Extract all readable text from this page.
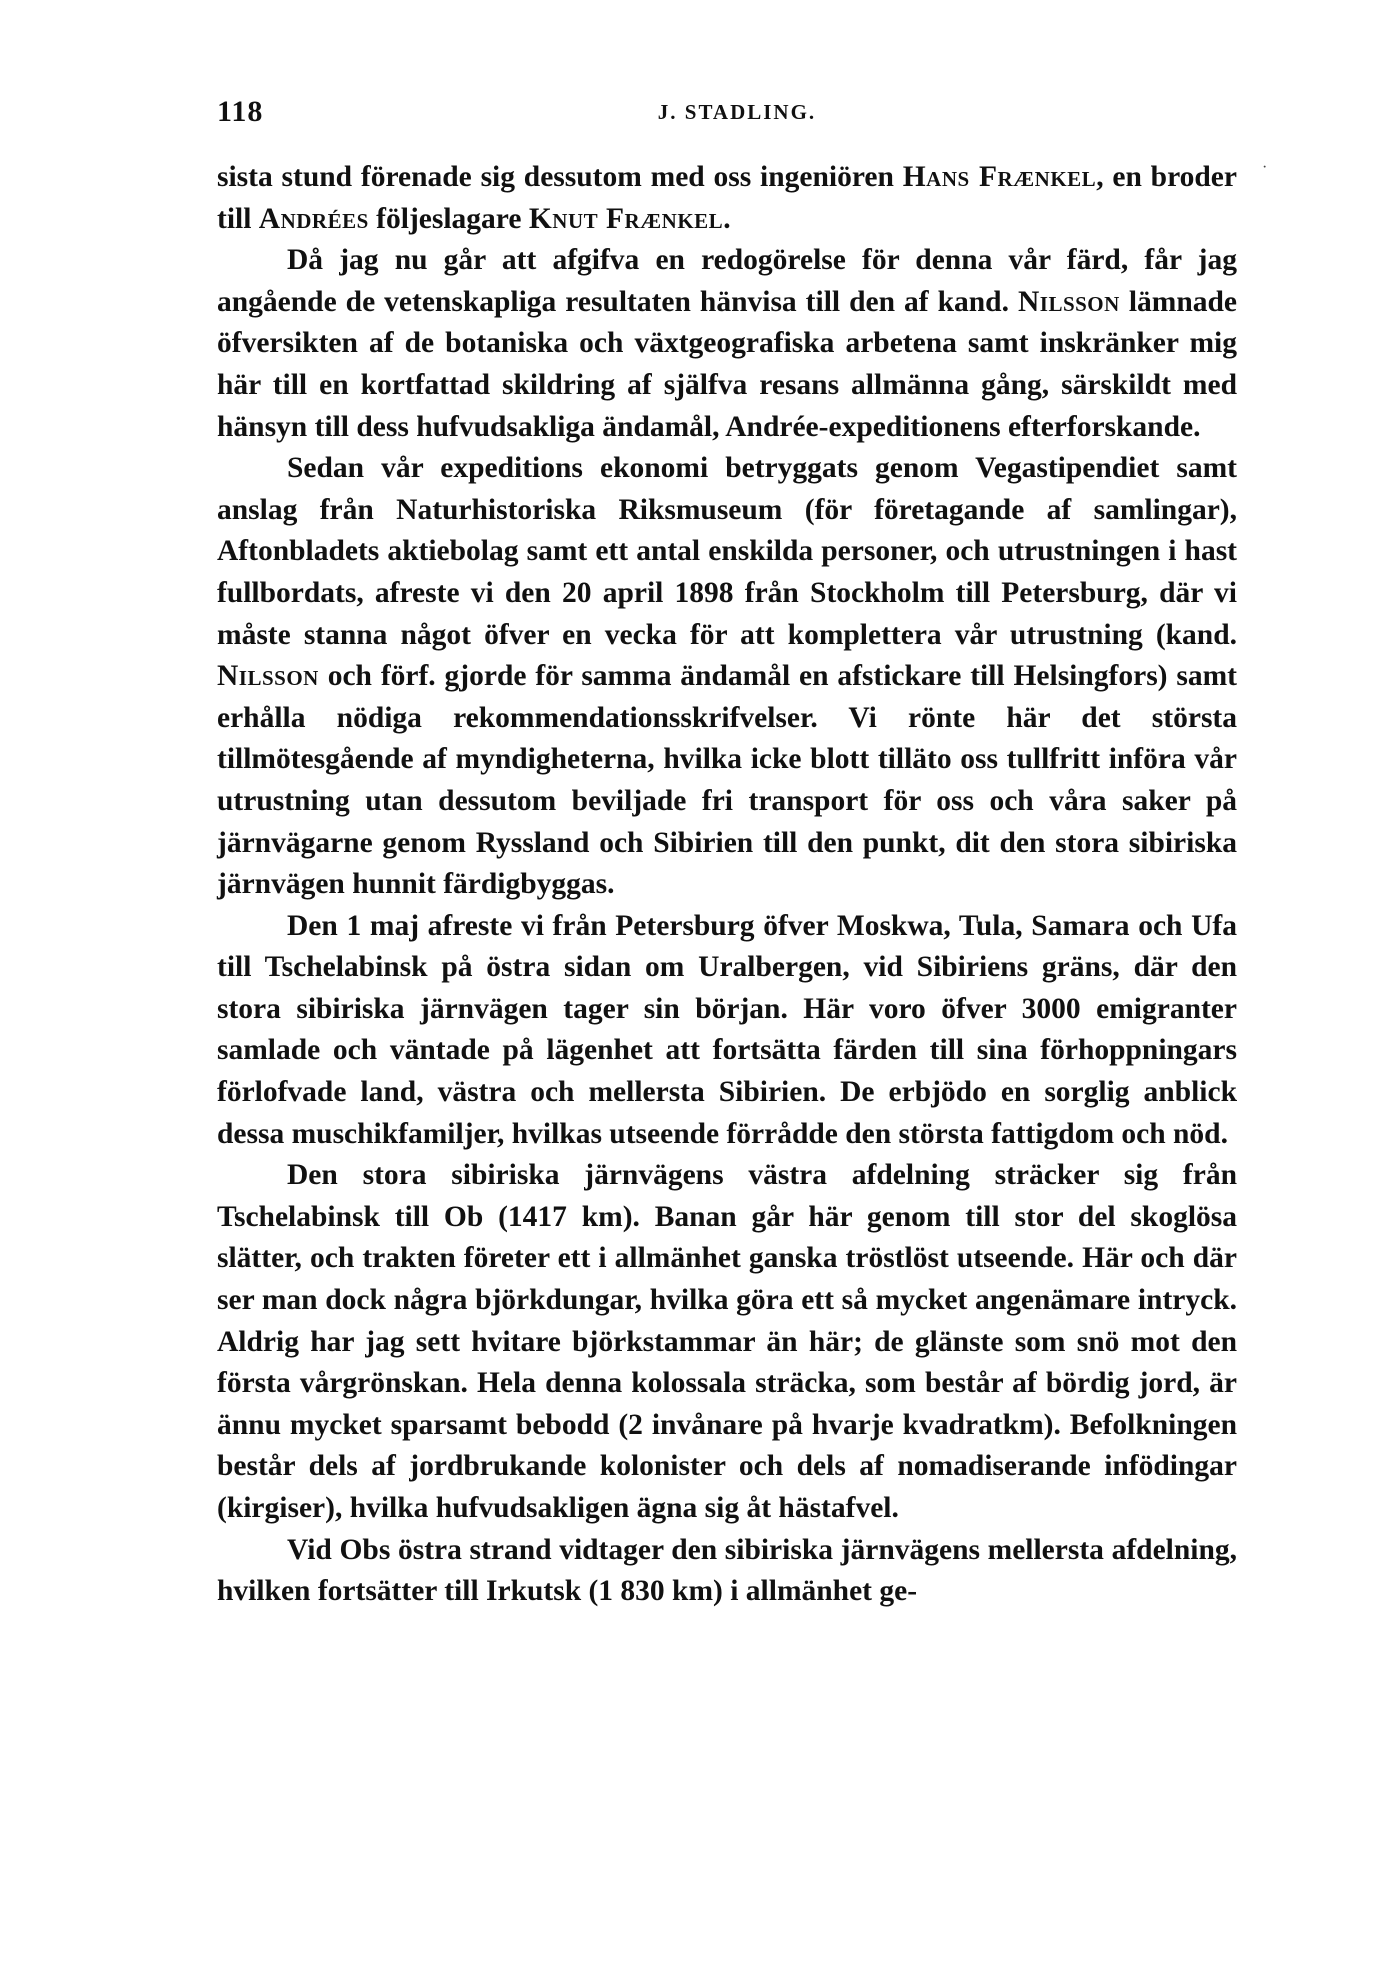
118	J. STADLING.
·

sista stund förenade sig dessutom med oss ingeniören Hans Frænkel, en broder till Andrées följeslagare Knut Frænkel.

Då jag nu går att afgifva en redogörelse för denna vår färd, får jag angående de vetenskapliga resultaten hänvisa till den af kand. Nilsson lämnade öfversikten af de botaniska och växtgeografiska arbetena samt inskränker mig här till en kortfattad skildring af själfva resans allmänna gång, särskildt med hänsyn till dess hufvudsakliga ändamål, Andrée-expeditionens efterforskande.

Sedan vår expeditions ekonomi betryggats genom Vegastipendiet samt anslag från Naturhistoriska Riksmuseum (för företagande af samlingar), Aftonbladets aktiebolag samt ett antal enskilda personer, och utrustningen i hast fullbordats, afreste vi den 20 april 1898 från Stockholm till Petersburg, där vi måste stanna något öfver en vecka för att komplettera vår utrustning (kand. Nilsson och förf. gjorde för samma ändamål en afstickare till Helsingfors) samt erhålla nödiga rekommendationsskrifvelser. Vi rönte här det största tillmötesgående af myndigheterna, hvilka icke blott tilläto oss tullfritt införa vår utrustning utan dessutom beviljade fri transport för oss och våra saker på järnvägarne genom Ryssland och Sibirien till den punkt, dit den stora sibiriska järnvägen hunnit färdigbyggas.

Den 1 maj afreste vi från Petersburg öfver Moskwa, Tula, Samara och Ufa till Tschelabinsk på östra sidan om Uralbergen, vid Sibiriens gräns, där den stora sibiriska järnvägen tager sin början. Här voro öfver 3000 emigranter samlade och väntade på lägenhet att fortsätta färden till sina förhoppningars förlofvade land, västra och mellersta Sibirien. De erbjödo en sorglig anblick dessa muschikfamiljer, hvilkas utseende förrådde den största fattigdom och nöd.

Den stora sibiriska järnvägens västra afdelning sträcker sig från Tschelabinsk till Ob (1417 km). Banan går här genom till stor del skoglösa slätter, och trakten företer ett i allmänhet ganska tröstlöst utseende. Här och där ser man dock några björkdungar, hvilka göra ett så mycket angenämare intryck. Aldrig har jag sett hvitare björkstammar än här; de glänste som snö mot den första vårgrönskan. Hela denna kolossala sträcka, som består af bördig jord, är ännu mycket sparsamt bebodd (2 invånare på hvarje kvadratkm). Befolkningen består dels af jordbrukande kolonister och dels af nomadiserande infödingar (kirgiser), hvilka hufvudsakligen ägna sig åt hästafvel.

Vid Obs östra strand vidtager den sibiriska järnvägens mellersta afdelning, hvilken fortsätter till Irkutsk (1 830 km) i allmänhet ge-
